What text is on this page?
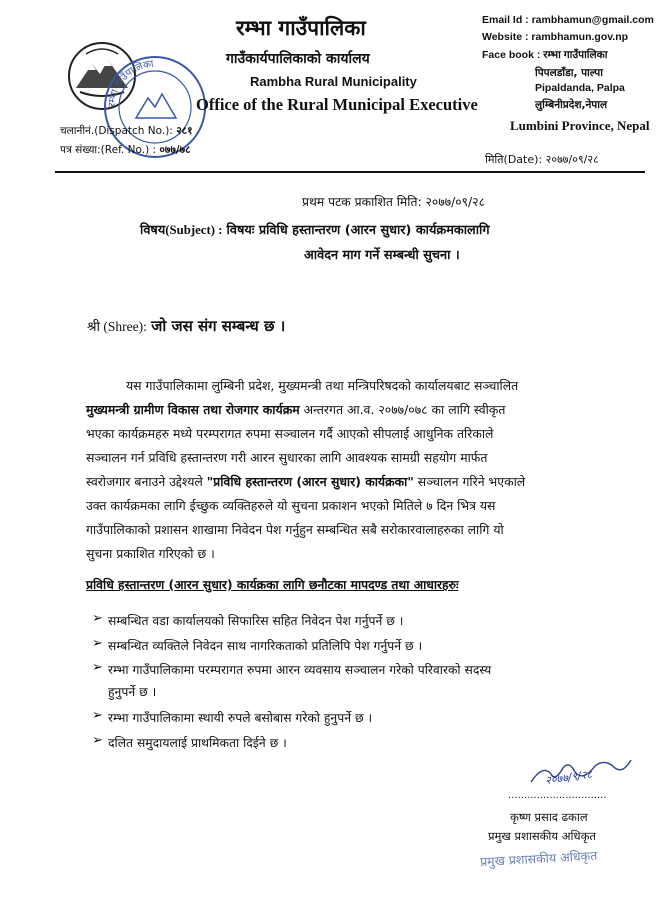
रम्भा गाउँपालिका
रम्भा गाउँपालिका
गाउँकार्यपालिकाको कार्यालय
Rambha Rural Municipality
Office of the Rural Municipal Executive
Email Id : rambhamun@gmail.com
Website : rambhamun.gov.np
Face book : रम्भा गाउँपालिका
पिपलडाँडा, पाल्पा
Pipaldanda, Palpa
लुम्बिनीप्रदेश,नेपाल
Lumbini Province, Nepal
चलानीनं.(Dispatch No.): २८१
पत्र संख्या:(Ref. No.) : ०७७/७८
मिति(Date): २०७७/०९/२८
प्रथम पटक प्रकाशित मिति: २०७७/०९/२८
विषय(Subject) : विषयः प्रविधि हस्तान्तरण (आरन सुधार) कार्यक्रमकालागि
आवेदन माग गर्ने सम्बन्धी सुचना ।
श्री (Shree): जो जस संग सम्बन्ध छ ।
यस गाउँपालिकामा लुम्बिनी प्रदेश, मुख्यमन्त्री तथा मन्त्रिपरिषदको कार्यालयबाट सञ्चालित
मुख्यमन्त्री ग्रामीण विकास तथा रोजगार कार्यक्रम अन्तरगत आ.व. २०७७/०७८ का लागि स्वीकृत
भएका कार्यक्रमहरु मध्ये परम्परागत रुपमा सञ्चालन गर्दै आएको सीपलाई आधुनिक तरिकाले
सञ्चालन गर्न प्रविधि हस्तान्तरण गरी आरन सुधारका लागि आवश्यक सामग्री सहयोग मार्फत
स्वरोजगार बनाउने उद्देश्यले "प्रविधि हस्तान्तरण (आरन सुधार) कार्यक्रका" सञ्चालन गरिने भएकाले
उक्त कार्यक्रमका लागि ईच्छुक व्यक्तिहरुले यो सुचना प्रकाशन भएको मितिले ७ दिन भित्र यस
गाउँपालिकाको प्रशासन शाखामा निवेदन पेश गर्नुहुन सम्बन्धित सबै सरोकारवालाहरुका लागि यो
सुचना प्रकाशित गरिएको छ ।
प्रविधि हस्तान्तरण (आरन सुधार) कार्यक्रका लागि छनौटका मापदण्ड तथा आधारहरुः
➢ सम्बन्धित वडा कार्यालयको सिफारिस सहित निवेदन पेश गर्नुपर्ने छ ।
➢ सम्बन्धित व्यक्तिले निवेदन साथ नागरिकताको प्रतिलिपि पेश गर्नुपर्ने छ ।
➢ रम्भा गाउँपालिकामा परम्परागत रुपमा आरन व्यवसाय सञ्चालन गरेको परिवारको सदस्य
हुनुपर्ने छ ।
➢ रम्भा गाउँपालिकामा स्थायी रुपले बसोबास गरेको हुनुपर्ने छ ।
➢ दलित समुदायलाई प्राथमिकता दिईने छ ।
२०७७/९/२८
...............................
कृष्ण प्रसाद ढकाल
प्रमुख प्रशासकीय अधिकृत
प्रमुख प्रशासकीय अधिकृत
